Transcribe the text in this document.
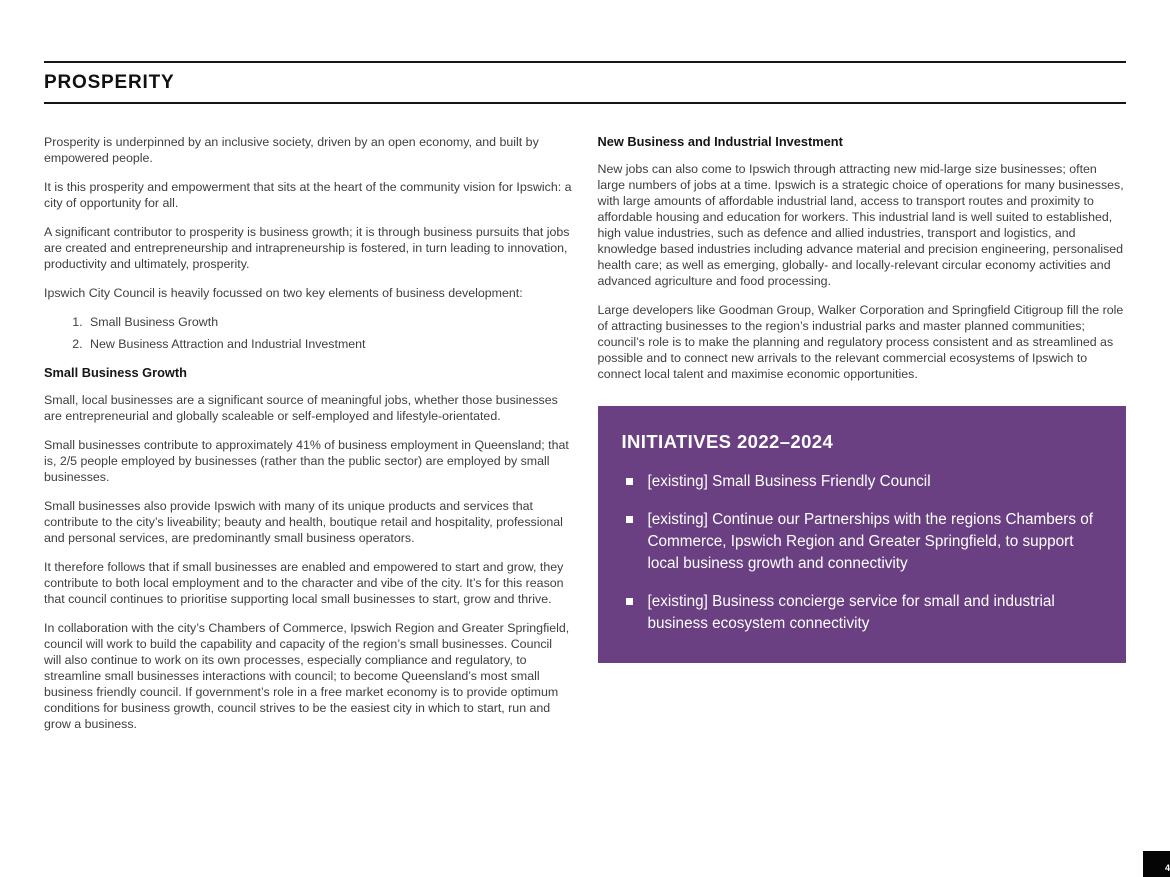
PROSPERITY

Prosperity is underpinned by an inclusive society, driven by an open economy, and built by empowered people.

It is this prosperity and empowerment that sits at the heart of the community vision for Ipswich: a city of opportunity for all.

A significant contributor to prosperity is business growth; it is through business pursuits that jobs are created and entrepreneurship and intrapreneurship is fostered, in turn leading to innovation, productivity and ultimately, prosperity.

Ipswich City Council is heavily focussed on two key elements of business development:

1. Small Business Growth
2. New Business Attraction and Industrial Investment
Small Business Growth

Small, local businesses are a significant source of meaningful jobs, whether those businesses are entrepreneurial and globally scaleable or self-employed and lifestyle-orientated.

Small businesses contribute to approximately 41% of business employment in Queensland; that is, 2/5 people employed by businesses (rather than the public sector) are employed by small businesses.

Small businesses also provide Ipswich with many of its unique products and services that contribute to the city’s liveability; beauty and health, boutique retail and hospitality, professional and personal services, are predominantly small business operators.

It therefore follows that if small businesses are enabled and empowered to start and grow, they contribute to both local employment and to the character and vibe of the city. It’s for this reason that council continues to prioritise supporting local small businesses to start, grow and thrive.

In collaboration with the city’s Chambers of Commerce, Ipswich Region and Greater Springfield, council will work to build the capability and capacity of the region’s small businesses. Council will also continue to work on its own processes, especially compliance and regulatory, to streamline small businesses interactions with council; to become Queensland’s most small business friendly council. If government’s role in a free market economy is to provide optimum conditions for business growth, council strives to be the easiest city in which to start, run and grow a business.

New Business and Industrial Investment

New jobs can also come to Ipswich through attracting new mid-large size businesses; often large numbers of jobs at a time. Ipswich is a strategic choice of operations for many businesses, with large amounts of affordable industrial land, access to transport routes and proximity to affordable housing and education for workers. This industrial land is well suited to established, high value industries, such as defence and allied industries, transport and logistics, and knowledge based industries including advance material and precision engineering, personalised health care; as well as emerging, globally- and locally-relevant circular economy activities and advanced agriculture and food processing.

Large developers like Goodman Group, Walker Corporation and Springfield Citigroup fill the role of attracting businesses to the region’s industrial parks and master planned communities; council’s role is to make the planning and regulatory process consistent and as streamlined as possible and to connect new arrivals to the relevant commercial ecosystems of Ipswich to connect local talent and maximise economic opportunities.

INITIATIVES 2022–2024
[existing] Small Business Friendly Council
[existing] Continue our Partnerships with the regions Chambers of Commerce, Ipswich Region and Greater Springfield, to support local business growth and connectivity
[existing] Business concierge service for small and industrial business ecosystem connectivity
4
